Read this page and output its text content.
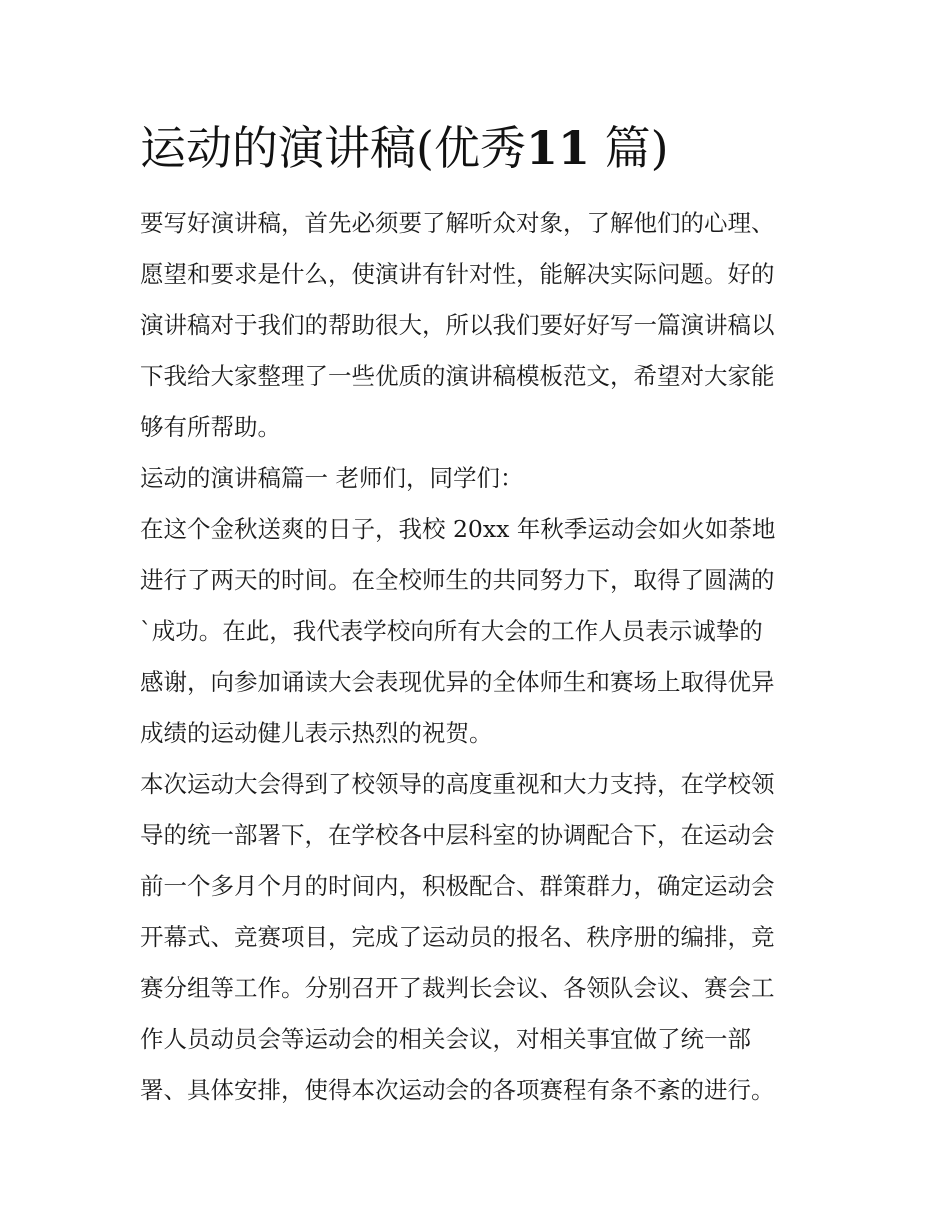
运动的演讲稿(优秀11 篇)

要写好演讲稿，首先必须要了解听众对象，了解他们的心理、

愿望和要求是什么，使演讲有针对性，能解决实际问题。好的

演讲稿对于我们的帮助很大，所以我们要好好写一篇演讲稿以

下我给大家整理了一些优质的演讲稿模板范文，希望对大家能

够有所帮助。

运动的演讲稿篇一 老师们，同学们：

在这个金秋送爽的日子，我校 20xx 年秋季运动会如火如荼地

进行了两天的时间。在全校师生的共同努力下，取得了圆满的

`成功。在此，我代表学校向所有大会的工作人员表示诚挚的

感谢，向参加诵读大会表现优异的全体师生和赛场上取得优异

成绩的运动健儿表示热烈的祝贺。

本次运动大会得到了校领导的高度重视和大力支持，在学校领

导的统一部署下，在学校各中层科室的协调配合下，在运动会

前一个多月个月的时间内，积极配合、群策群力，确定运动会

开幕式、竞赛项目，完成了运动员的报名、秩序册的编排，竞

赛分组等工作。分别召开了裁判长会议、各领队会议、赛会工

作人员动员会等运动会的相关会议，对相关事宜做了统一部

署、具体安排，使得本次运动会的各项赛程有条不紊的进行。
